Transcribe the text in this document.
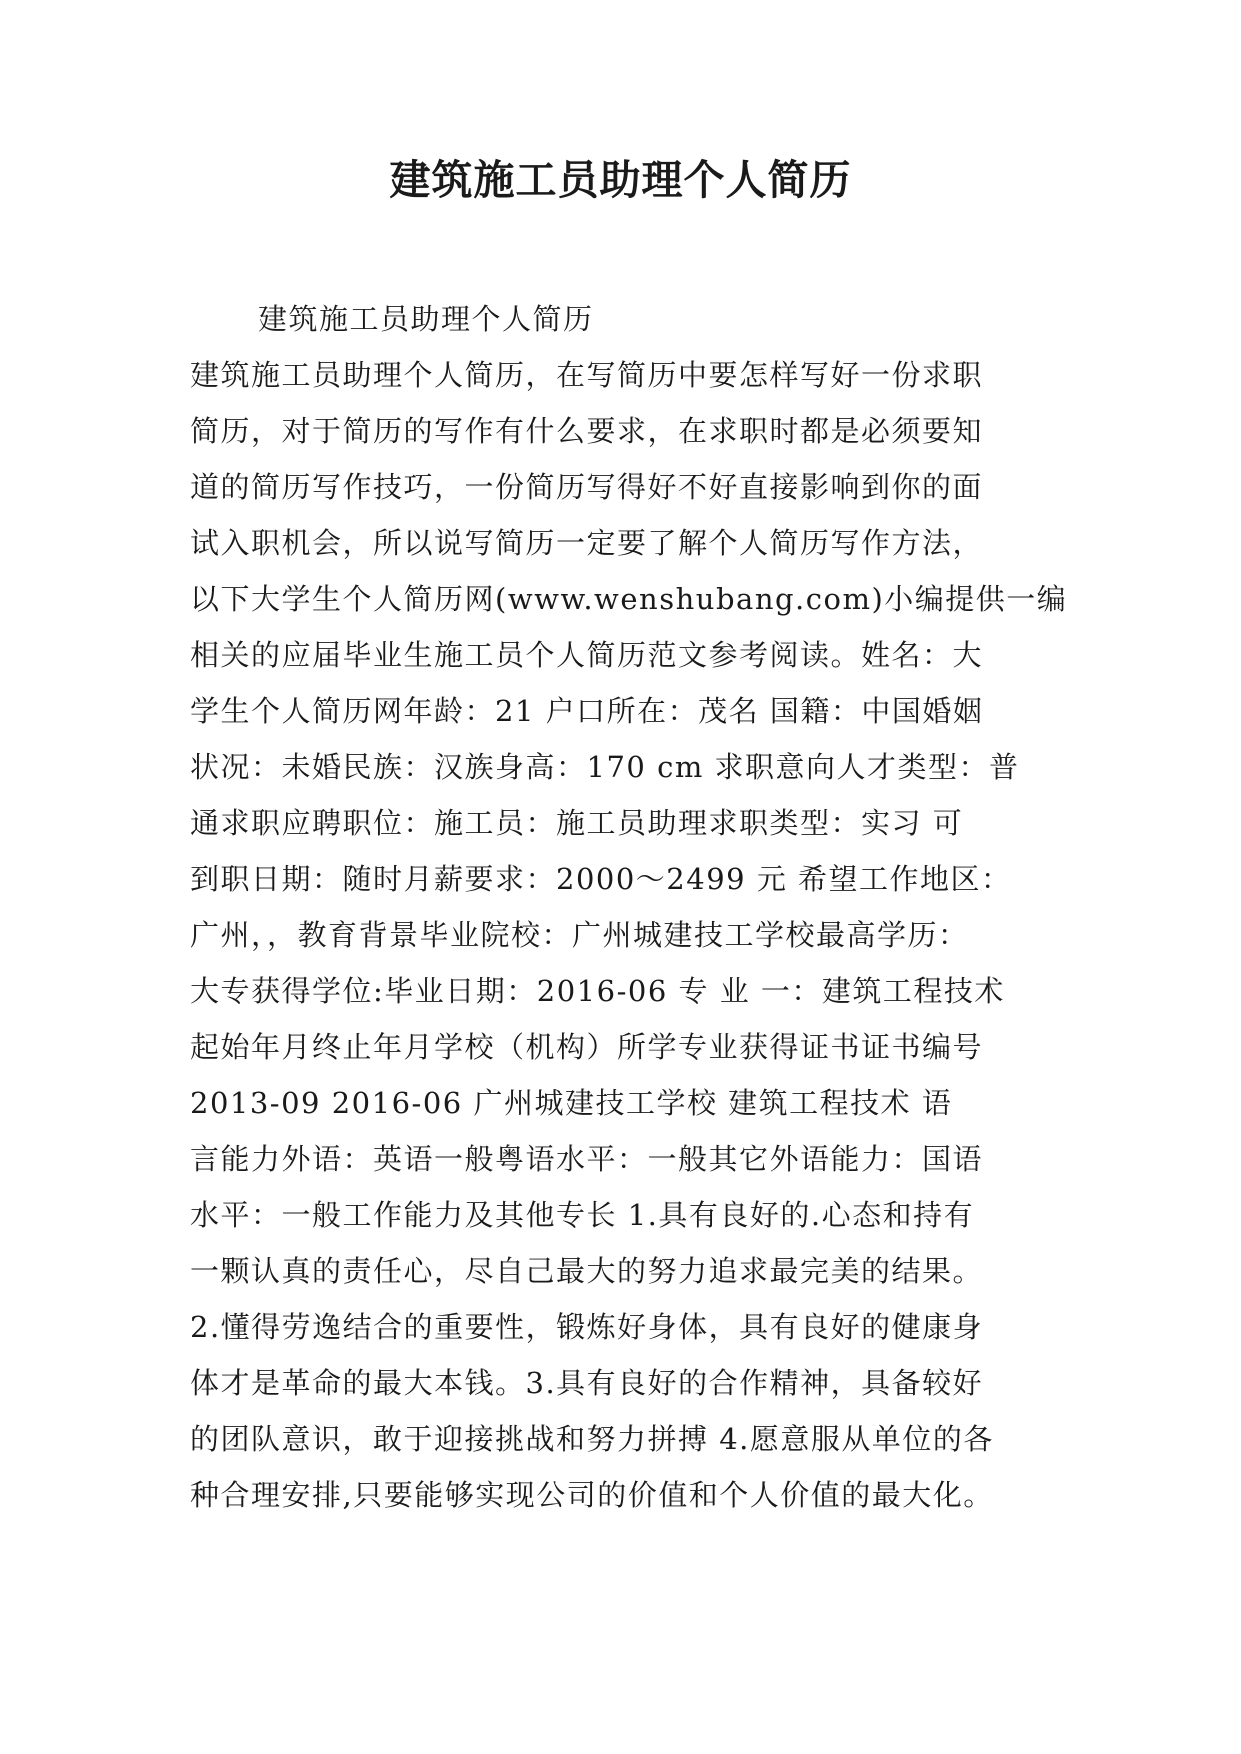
建筑施工员助理个人简历
建筑施工员助理个人简历
建筑施工员助理个人简历，在写简历中要怎样写好一份求职
简历，对于简历的写作有什么要求，在求职时都是必须要知
道的简历写作技巧，一份简历写得好不好直接影响到你的面
试入职机会，所以说写简历一定要了解个人简历写作方法，
以下大学生个人简历网(www.wenshubang.com)小编提供一编
相关的应届毕业生施工员个人简历范文参考阅读。姓名：大
学生个人简历网年龄：21 户口所在：茂名 国籍：中国婚姻
状况：未婚民族：汉族身高：170 cm 求职意向人才类型：普
通求职应聘职位：施工员：施工员助理求职类型：实习 可
到职日期：随时月薪要求：2000～2499 元 希望工作地区：
广州，，教育背景毕业院校：广州城建技工学校最高学历：
大专获得学位:毕业日期：2016-06 专 业 一：建筑工程技术
起始年月终止年月学校（机构）所学专业获得证书证书编号
2013-09 2016-06 广州城建技工学校 建筑工程技术 语
言能力外语：英语一般粤语水平：一般其它外语能力：国语
水平：一般工作能力及其他专长 1.具有良好的.心态和持有
一颗认真的责任心，尽自己最大的努力追求最完美的结果。
2.懂得劳逸结合的重要性，锻炼好身体，具有良好的健康身
体才是革命的最大本钱。3.具有良好的合作精神，具备较好
的团队意识，敢于迎接挑战和努力拼搏 4.愿意服从单位的各
种合理安排,只要能够实现公司的价值和个人价值的最大化。
